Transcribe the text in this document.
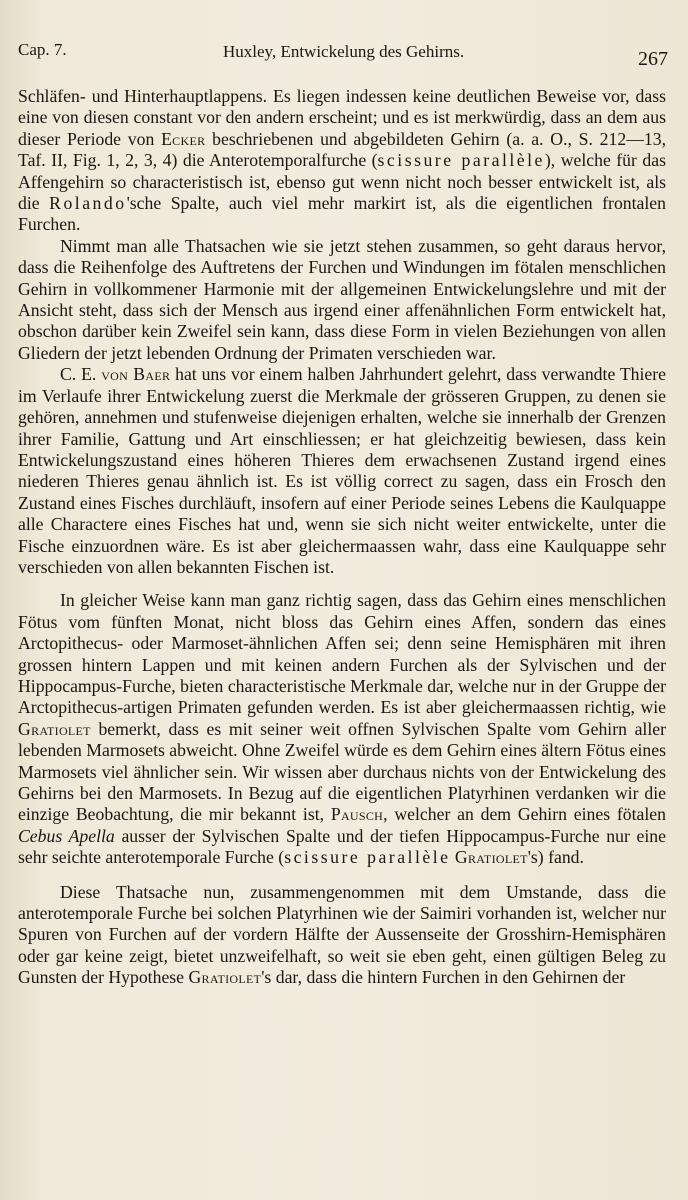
Cap. 7.	Huxley, Entwickelung des Gehirns.	267

Schläfen- und Hinterhauptlappens. Es liegen indessen keine deutlichen Beweise vor, dass eine von diesen constant vor den andern erscheint; und es ist merkwürdig, dass an dem aus dieser Periode von Ecker beschriebenen und abgebildeten Gehirn (a. a. O., S. 212—13, Taf. II, Fig. 1, 2, 3, 4) die Anterotemporalfurche (scissure parallèle), welche für das Affengehirn so characteristisch ist, ebenso gut wenn nicht noch besser entwickelt ist, als die Rolando'sche Spalte, auch viel mehr markirt ist, als die eigentlichen frontalen Furchen.

Nimmt man alle Thatsachen wie sie jetzt stehen zusammen, so geht daraus hervor, dass die Reihenfolge des Auftretens der Furchen und Windungen im fötalen menschlichen Gehirn in vollkommener Harmonie mit der allgemeinen Entwickelungslehre und mit der Ansicht steht, dass sich der Mensch aus irgend einer affenähnlichen Form entwickelt hat, obschon darüber kein Zweifel sein kann, dass diese Form in vielen Beziehungen von allen Gliedern der jetzt lebenden Ordnung der Primaten verschieden war.

C. E. von Baer hat uns vor einem halben Jahrhundert gelehrt, dass verwandte Thiere im Verlaufe ihrer Entwickelung zuerst die Merkmale der grösseren Gruppen, zu denen sie gehören, annehmen und stufenweise diejenigen erhalten, welche sie innerhalb der Grenzen ihrer Familie, Gattung und Art einschliessen; er hat gleichzeitig bewiesen, dass kein Entwickelungszustand eines höheren Thieres dem erwachsenen Zustand irgend eines niederen Thieres genau ähnlich ist. Es ist völlig correct zu sagen, dass ein Frosch den Zustand eines Fisches durchläuft, insofern auf einer Periode seines Lebens die Kaulquappe alle Charactere eines Fisches hat und, wenn sie sich nicht weiter entwickelte, unter die Fische einzuordnen wäre. Es ist aber gleichermaassen wahr, dass eine Kaulquappe sehr verschieden von allen bekannten Fischen ist.

In gleicher Weise kann man ganz richtig sagen, dass das Gehirn eines menschlichen Fötus vom fünften Monat, nicht bloss das Gehirn eines Affen, sondern das eines Arctopithecus- oder Marmoset-ähnlichen Affen sei; denn seine Hemisphären mit ihren grossen hintern Lappen und mit keinen andern Furchen als der Sylvischen und der Hippocampus-Furche, bieten characteristische Merkmale dar, welche nur in der Gruppe der Arctopithecus-artigen Primaten gefunden werden. Es ist aber gleichermaassen richtig, wie Gratiolet bemerkt, dass es mit seiner weit offnen Sylvischen Spalte vom Gehirn aller lebenden Marmosets abweicht. Ohne Zweifel würde es dem Gehirn eines ältern Fötus eines Marmosets viel ähnlicher sein. Wir wissen aber durchaus nichts von der Entwickelung des Gehirns bei den Marmosets. In Bezug auf die eigentlichen Platyrhinen verdanken wir die einzige Beobachtung, die mir bekannt ist, Pausch, welcher an dem Gehirn eines fötalen Cebus Apella ausser der Sylvischen Spalte und der tiefen Hippocampus-Furche nur eine sehr seichte anterotemporale Furche (scissure parallèle Gratiolet's) fand.

Diese Thatsache nun, zusammengenommen mit dem Umstande, dass die anterotemporale Furche bei solchen Platyrhinen wie der Saimiri vorhanden ist, welcher nur Spuren von Furchen auf der vordern Hälfte der Aussenseite der Grosshirn-Hemisphären oder gar keine zeigt, bietet unzweifelhaft, so weit sie eben geht, einen gültigen Beleg zu Gunsten der Hypothese Gratiolet's dar, dass die hintern Furchen in den Gehirnen der
